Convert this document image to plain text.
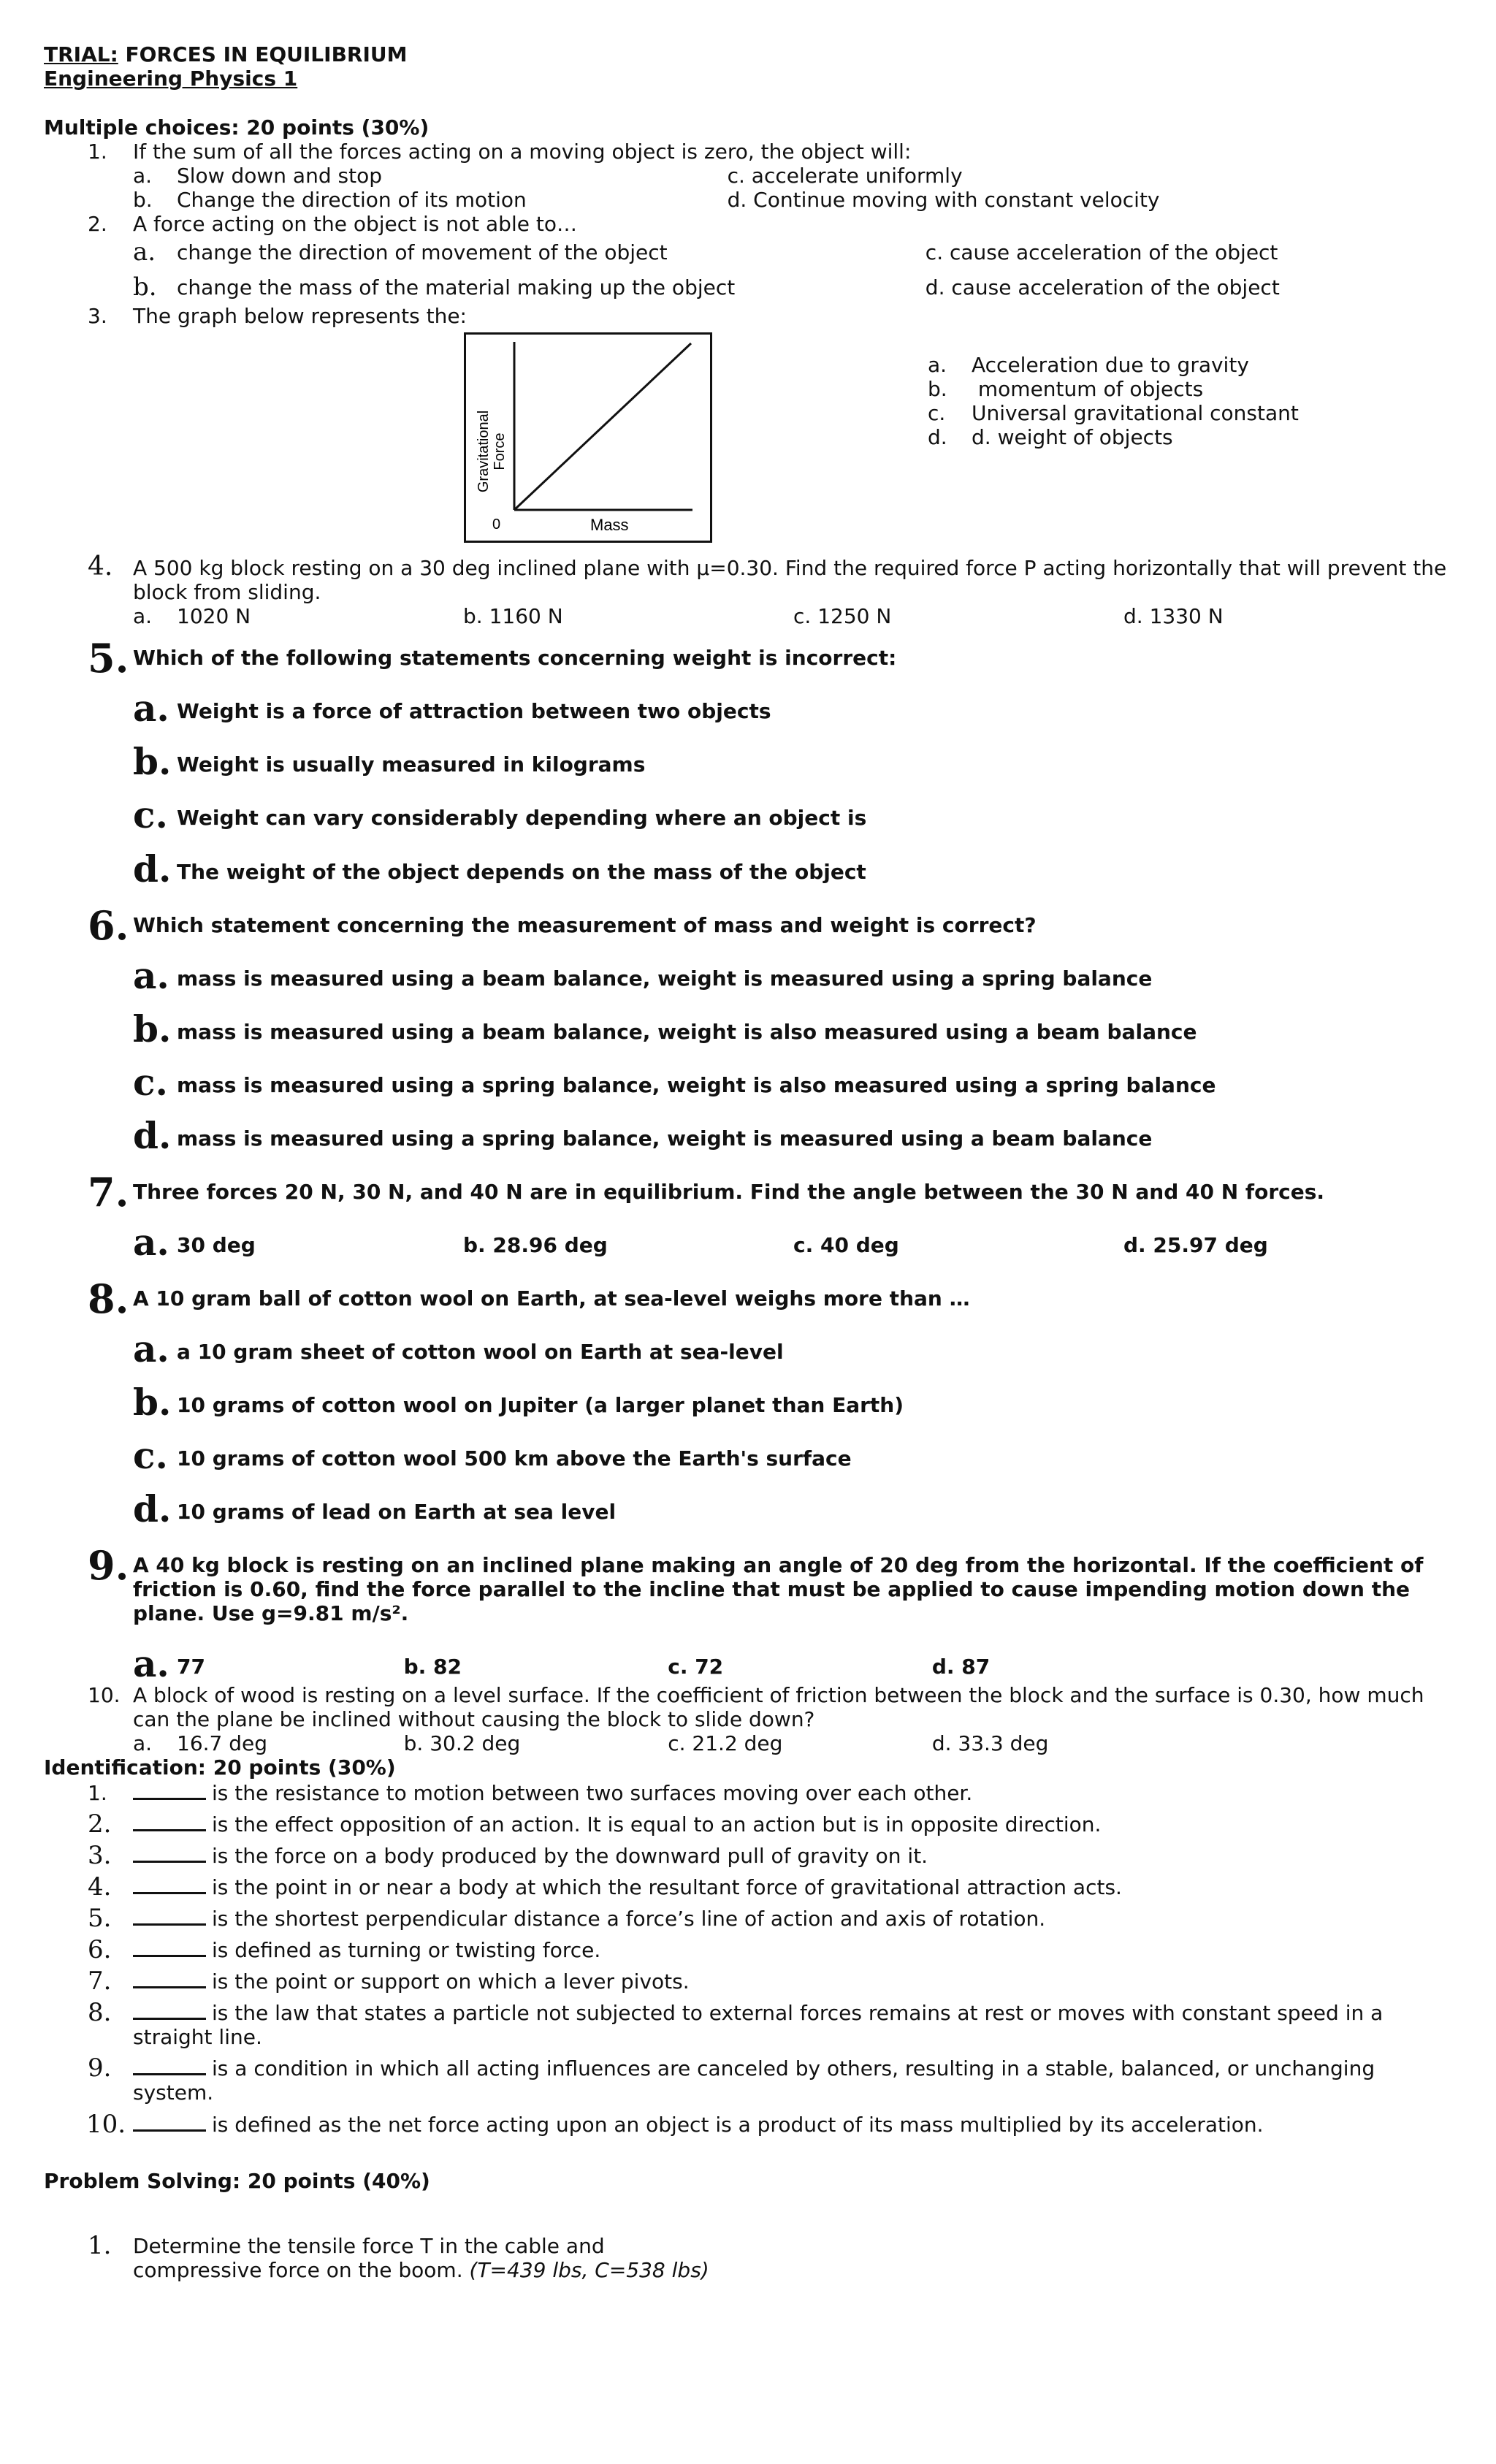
TRIAL: FORCES IN EQUILIBRIUM
Engineering Physics 1
Multiple choices: 20 points (30%)
1. If the sum of all the forces acting on a moving object is zero, the object will:
a. Slow down and stop	c. accelerate uniformly
b. Change the direction of its motion	d. Continue moving with constant velocity
2. A force acting on the object is not able to…
a. change the direction of movement of the object	c. cause acceleration of the object
b. change the mass of the material making up the object	d. cause acceleration of the object
3. The graph below represents the:
0	Mass
Gravitational Force
a. Acceleration due to gravity
b. momentum of objects
c. Universal gravitational constant
d. d. weight of objects
4. A 500 kg block resting on a 30 deg inclined plane with μ=0.30. Find the required force P acting horizontally that will prevent the block from sliding.
a. 1020 N	b. 1160 N	c. 1250 N	d. 1330 N
5. Which of the following statements concerning weight is incorrect:
a. Weight is a force of attraction between two objects
b. Weight is usually measured in kilograms
c. Weight can vary considerably depending where an object is
d. The weight of the object depends on the mass of the object
6. Which statement concerning the measurement of mass and weight is correct?
a. mass is measured using a beam balance, weight is measured using a spring balance
b. mass is measured using a beam balance, weight is also measured using a beam balance
c. mass is measured using a spring balance, weight is also measured using a spring balance
d. mass is measured using a spring balance, weight is measured using a beam balance
7. Three forces 20 N, 30 N, and 40 N are in equilibrium. Find the angle between the 30 N and 40 N forces.
a. 30 deg	b. 28.96 deg	c. 40 deg	d. 25.97 deg
8. A 10 gram ball of cotton wool on Earth, at sea-level weighs more than …
a. a 10 gram sheet of cotton wool on Earth at sea-level
b. 10 grams of cotton wool on Jupiter (a larger planet than Earth)
c. 10 grams of cotton wool 500 km above the Earth's surface
d. 10 grams of lead on Earth at sea level
9. A 40 kg block is resting on an inclined plane making an angle of 20 deg from the horizontal. If the coefficient of friction is 0.60, find the force parallel to the incline that must be applied to cause impending motion down the plane. Use g=9.81 m/s².
a. 77	b. 82	c. 72	d. 87
10. A block of wood is resting on a level surface. If the coefficient of friction between the block and the surface is 0.30, how much can the plane be inclined without causing the block to slide down?
a. 16.7 deg	b. 30.2 deg	c. 21.2 deg	d. 33.3 deg
Identification: 20 points (30%)
1.	is the resistance to motion between two surfaces moving over each other.
2.	is the effect opposition of an action. It is equal to an action but is in opposite direction.
3.	is the force on a body produced by the downward pull of gravity on it.
4.	is the point in or near a body at which the resultant force of gravitational attraction acts.
5.	is the shortest perpendicular distance a force’s line of action and axis of rotation.
6.	is defined as turning or twisting force.
7.	is the point or support on which a lever pivots.
8.	is the law that states a particle not subjected to external forces remains at rest or moves with constant speed in a straight line.
9.	is a condition in which all acting influences are canceled by others, resulting in a stable, balanced, or unchanging system.
10.	is defined as the net force acting upon an object is a product of its mass multiplied by its acceleration.
Problem Solving: 20 points (40%)
1. Determine the tensile force T in the cable and
compressive force on the boom. (T=439 lbs, C=538 lbs)
